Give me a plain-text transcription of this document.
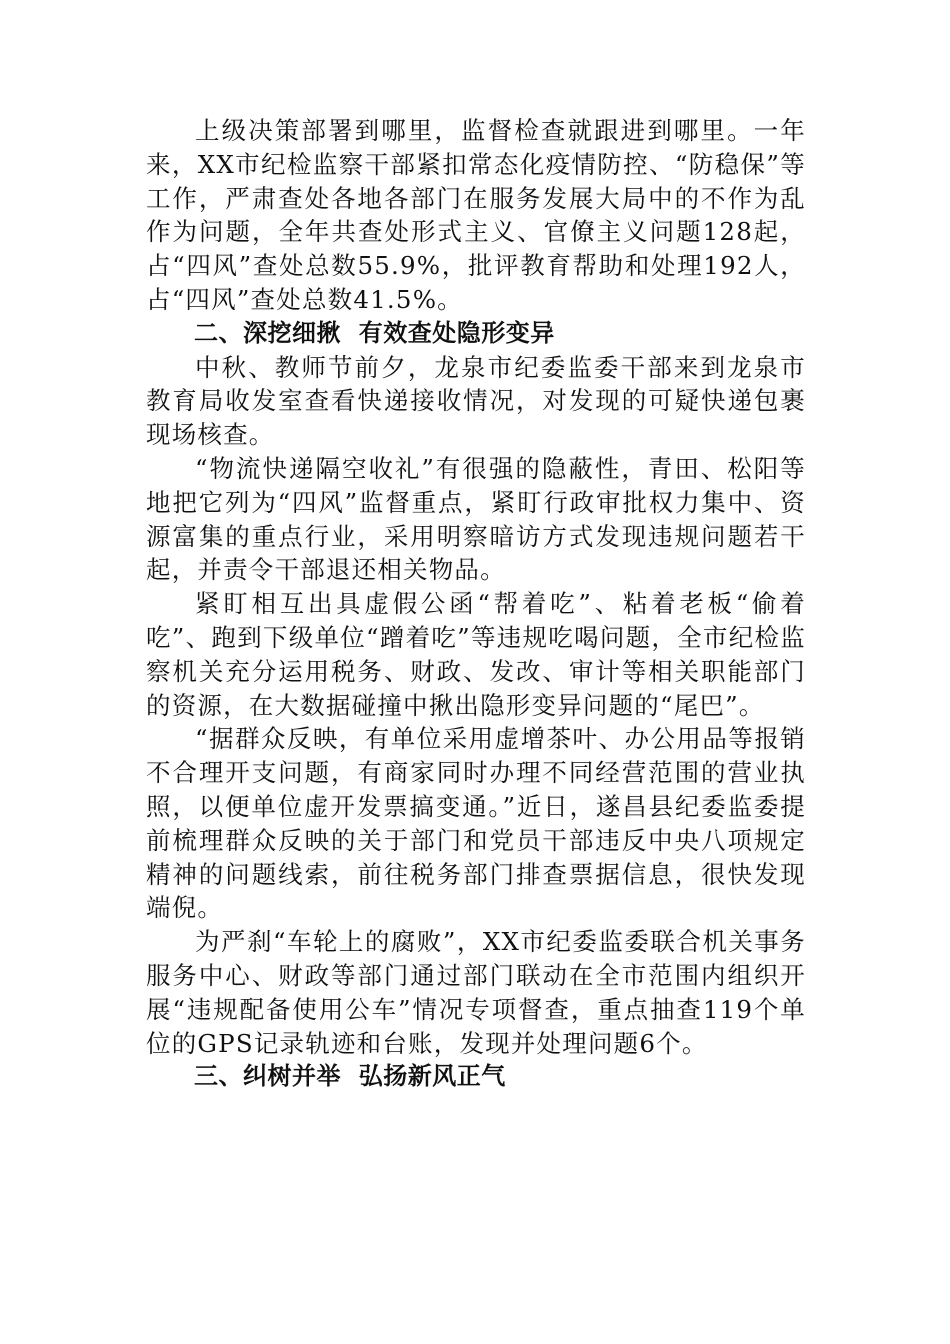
上级决策部署到哪里，监督检查就跟进到哪里。一年来，XX市纪检监察干部紧扣常态化疫情防控、“防稳保”等工作，严肃查处各地各部门在服务发展大局中的不作为乱作为问题，全年共查处形式主义、官僚主义问题128起，占“四风”查处总数55.9%，批评教育帮助和处理192人，占“四风”查处总数41.5%。

二、深挖细揪  有效查处隐形变异

中秋、教师节前夕，龙泉市纪委监委干部来到龙泉市教育局收发室查看快递接收情况，对发现的可疑快递包裹现场核查。

“物流快递隔空收礼”有很强的隐蔽性，青田、松阳等地把它列为“四风”监督重点，紧盯行政审批权力集中、资源富集的重点行业，采用明察暗访方式发现违规问题若干起，并责令干部退还相关物品。

紧盯相互出具虚假公函“帮着吃”、粘着老板“偷着吃”、跑到下级单位“蹭着吃”等违规吃喝问题，全市纪检监察机关充分运用税务、财政、发改、审计等相关职能部门的资源，在大数据碰撞中揪出隐形变异问题的“尾巴”。

“据群众反映，有单位采用虚增茶叶、办公用品等报销不合理开支问题，有商家同时办理不同经营范围的营业执照，以便单位虚开发票搞变通。”近日，遂昌县纪委监委提前梳理群众反映的关于部门和党员干部违反中央八项规定精神的问题线索，前往税务部门排查票据信息，很快发现端倪。

为严刹“车轮上的腐败”，XX市纪委监委联合机关事务服务中心、财政等部门通过部门联动在全市范围内组织开展“违规配备使用公车”情况专项督查，重点抽查119个单位的GPS记录轨迹和台账，发现并处理问题6个。

三、纠树并举  弘扬新风正气
